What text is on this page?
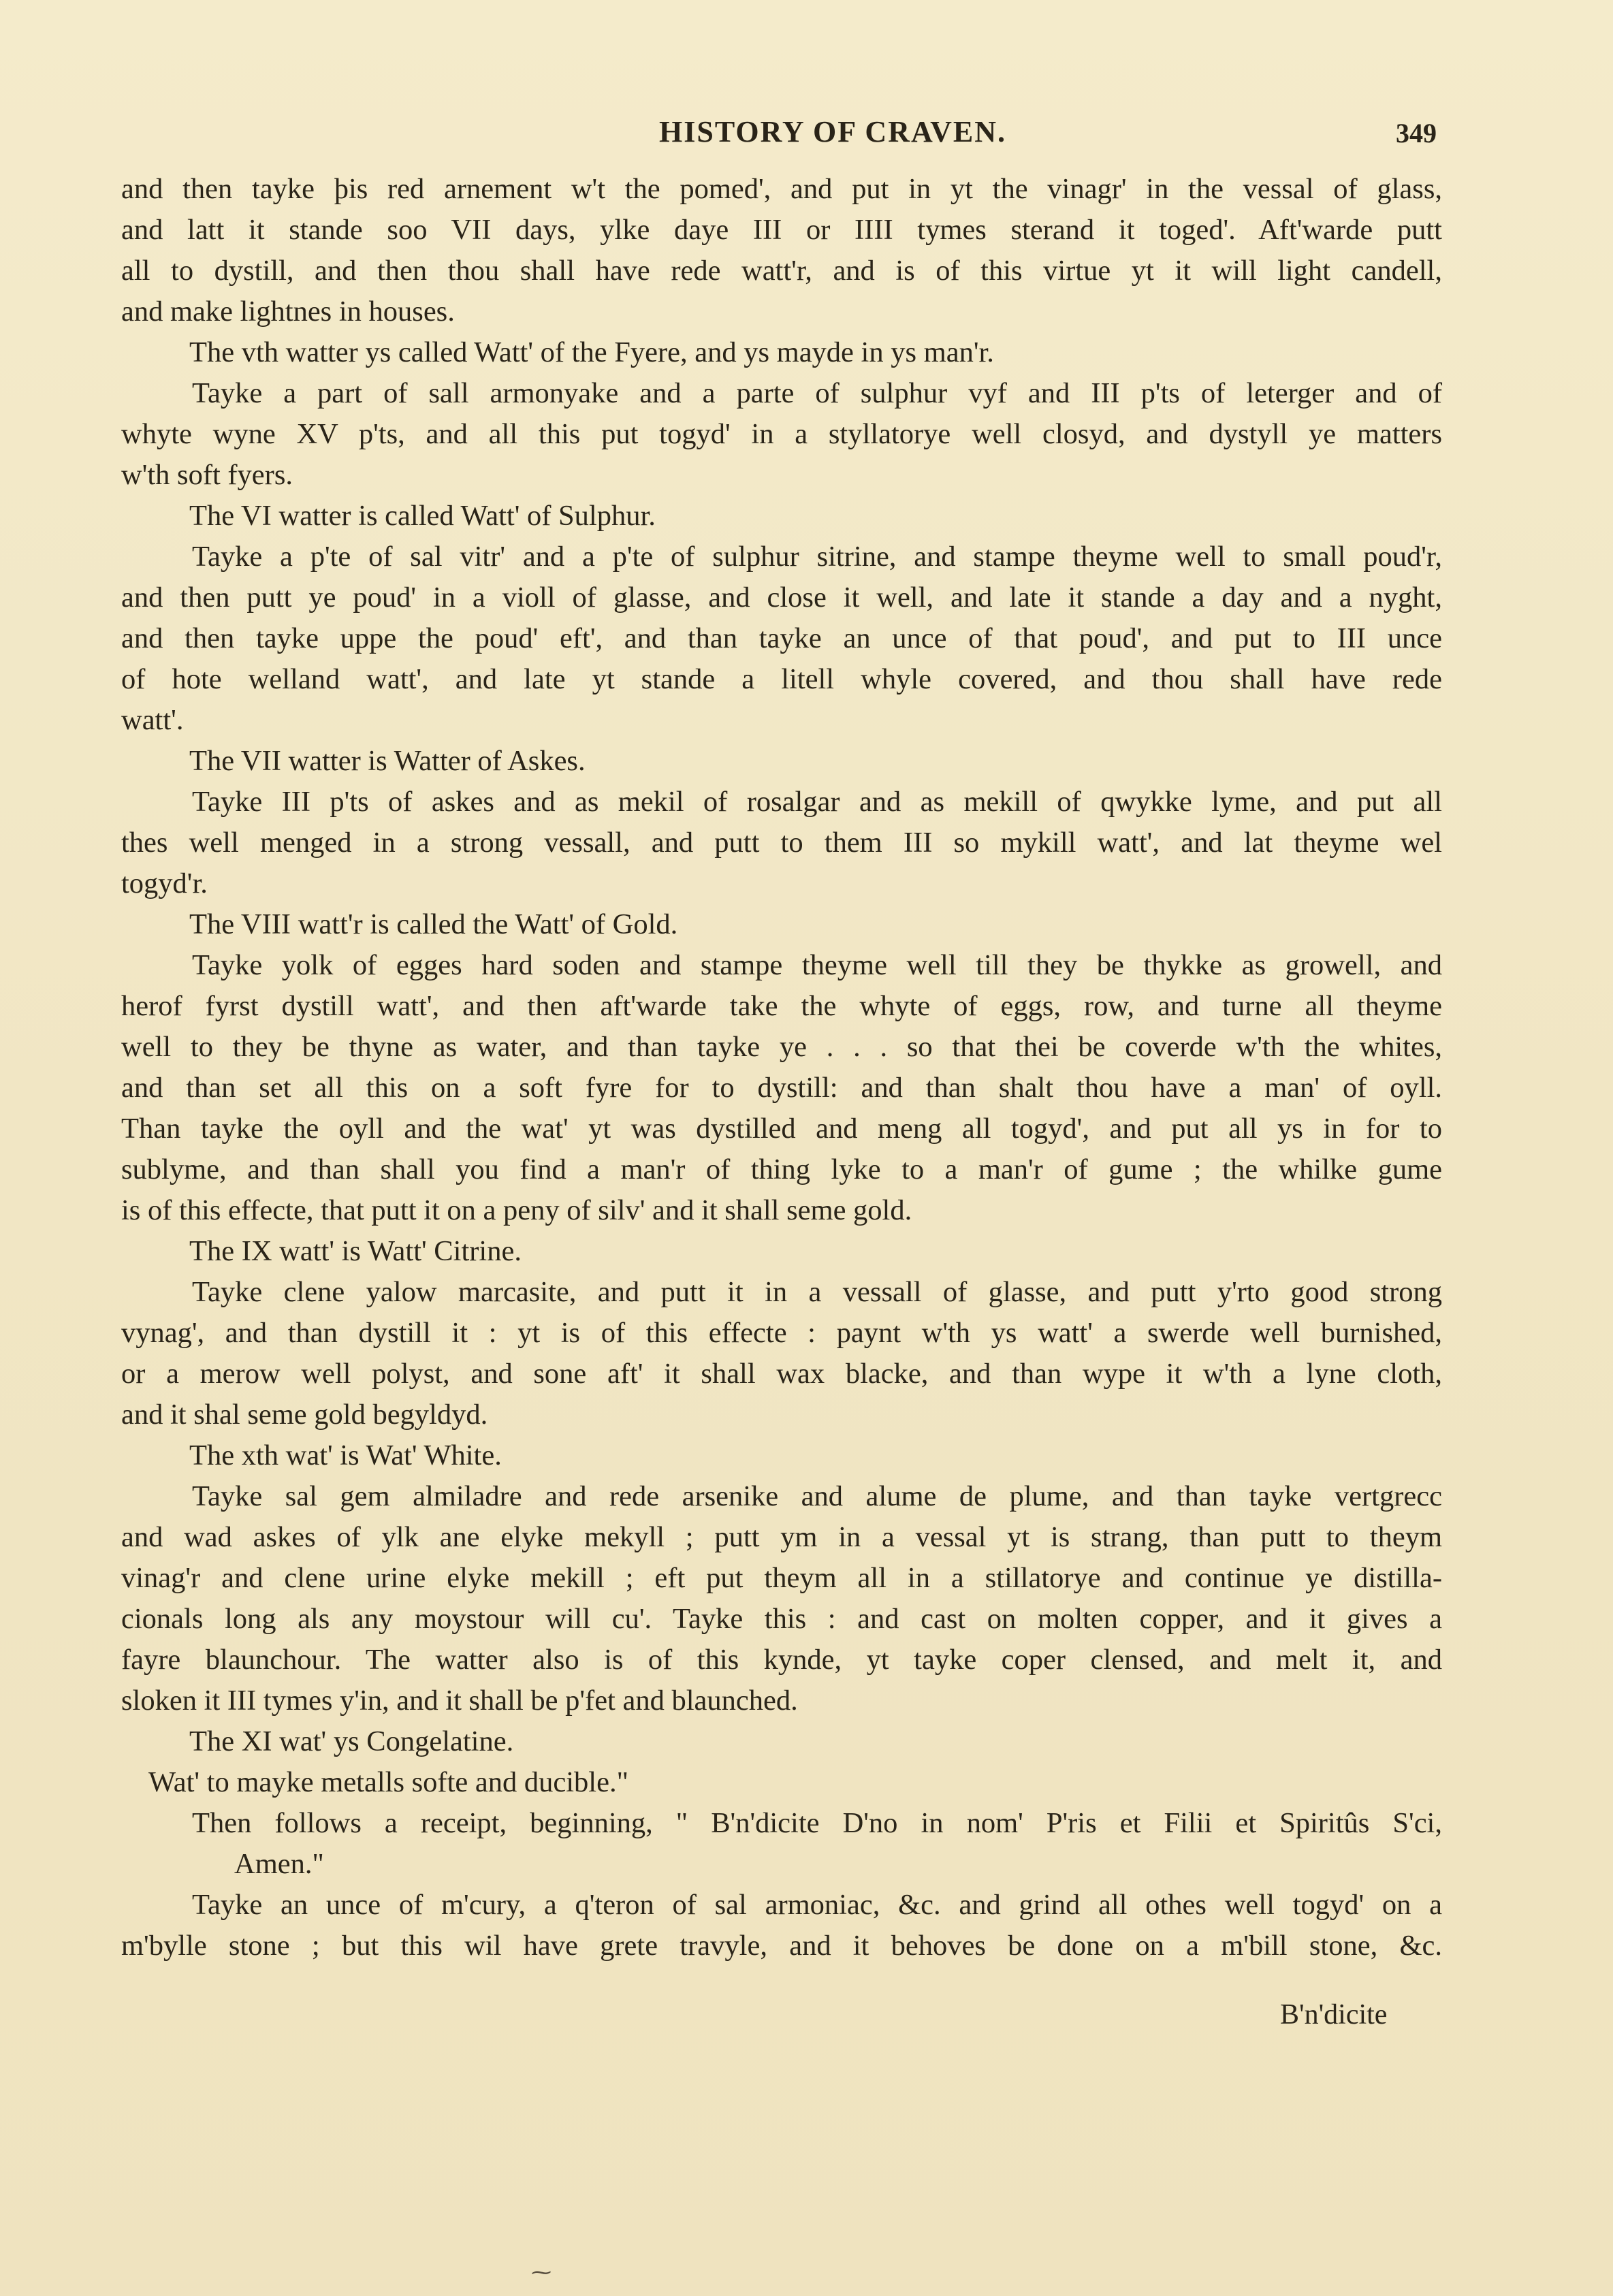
HISTORY OF CRAVEN.	349
and then tayke þis red arnement w't the pomed', and put in yt the vinagr' in the vessal of glass,
and latt it stande soo VII days, ylke daye III or IIII tymes sterand it toged'. Aft'warde putt
all to dystill, and then thou shall have rede watt'r, and is of this virtue yt it will light candell,
and make lightnes in houses.
The vth watter ys called Watt' of the Fyere, and ys mayde in ys man'r.
Tayke a part of sall armonyake and a parte of sulphur vyf and III p'ts of leterger and of
whyte wyne XV p'ts, and all this put togyd' in a styllatorye well closyd, and dystyll ye matters
w'th soft fyers.
The VI watter is called Watt' of Sulphur.
Tayke a p'te of sal vitr' and a p'te of sulphur sitrine, and stampe theyme well to small poud'r,
and then putt ye poud' in a violl of glasse, and close it well, and late it stande a day and a nyght,
and then tayke uppe the poud' eft', and than tayke an unce of that poud', and put to III unce
of hote welland watt', and late yt stande a litell whyle covered, and thou shall have rede
watt'.
The VII watter is Watter of Askes.
Tayke III p'ts of askes and as mekil of rosalgar and as mekill of qwykke lyme, and put all
thes well menged in a strong vessall, and putt to them III so mykill watt', and lat theyme wel
togyd'r.
The VIII watt'r is called the Watt' of Gold.
Tayke yolk of egges hard soden and stampe theyme well till they be thykke as growell, and
herof fyrst dystill watt', and then aft'warde take the whyte of eggs, row, and turne all theyme
well to they be thyne as water, and than tayke ye . . . so that thei be coverde w'th the whites,
and than set all this on a soft fyre for to dystill: and than shalt thou have a man' of oyll.
Than tayke the oyll and the wat' yt was dystilled and meng all togyd', and put all ys in for to
sublyme, and than shall you find a man'r of thing lyke to a man'r of gume ; the whilke gume
is of this effecte, that putt it on a peny of silv' and it shall seme gold.
The IX watt' is Watt' Citrine.
Tayke clene yalow marcasite, and putt it in a vessall of glasse, and putt y'rto good strong
vynag', and than dystill it : yt is of this effecte : paynt w'th ys watt' a swerde well burnished,
or a merow well polyst, and sone aft' it shall wax blacke, and than wype it w'th a lyne cloth,
and it shal seme gold begyldyd.
The xth wat' is Wat' White.
Tayke sal gem almiladre and rede arsenike and alume de plume, and than tayke vertgrecc
and wad askes of ylk ane elyke mekyll ; putt ym in a vessal yt is strang, than putt to theym
vinag'r and clene urine elyke mekill ; eft put theym all in a stillatorye and continue ye distilla-
cionals long als any moystour will cu'. Tayke this : and cast on molten copper, and it gives a
fayre blaunchour. The watter also is of this kynde, yt tayke coper clensed, and melt it, and
sloken it III tymes y'in, and it shall be p'fet and blaunched.
The XI wat' ys Congelatine.
Wat' to mayke metalls softe and ducible."
Then follows a receipt, beginning, " B'n'dicite D'no in nom' P'ris et Filii et Spiritûs S'ci,
Amen."
Tayke an unce of m'cury, a q'teron of sal armoniac, &c. and grind all othes well togyd' on a
m'bylle stone ; but this wil have grete travyle, and it behoves be done on a m'bill stone, &c.
B'n'dicite
⁓
